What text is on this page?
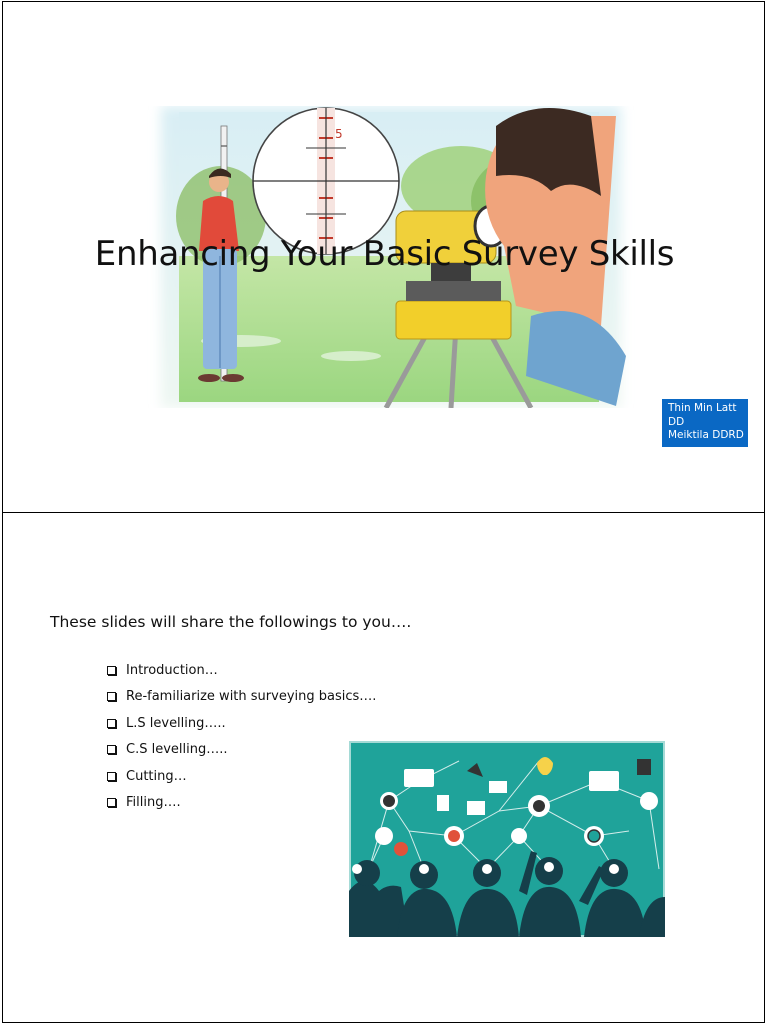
5
Enhancing Your Basic Survey Skills
Thin Min Latt
DD
Meiktila DDRD
These slides will share the followings to you….
Introduction…
Re-familiarize with surveying basics….
L.S levelling…..
C.S levelling…..
Cutting…
Filling….
